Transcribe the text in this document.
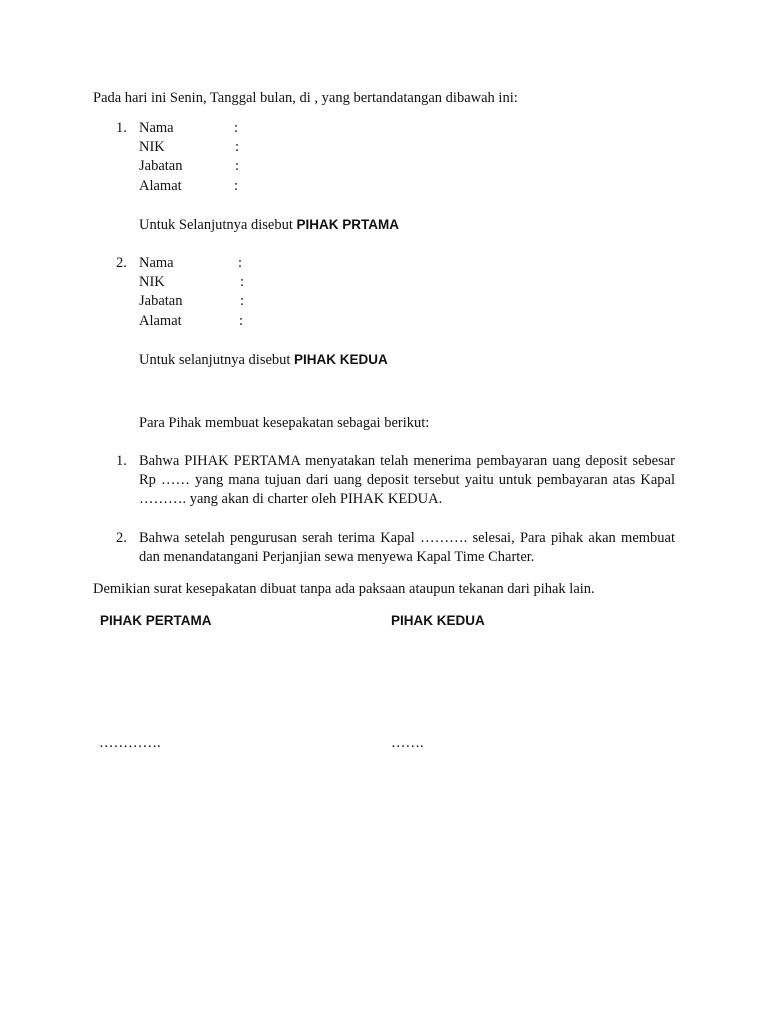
Pada hari ini Senin, Tanggal bulan, di , yang bertandatangan dibawah ini:
1. Nama	:
NIK	:
Jabatan	:
Alamat	:
Untuk Selanjutnya disebut PIHAK PRTAMA
2. Nama	:
NIK	:
Jabatan	:
Alamat	:
Untuk selanjutnya disebut PIHAK KEDUA
Para Pihak membuat kesepakatan sebagai berikut:
1. Bahwa PIHAK PERTAMA menyatakan telah menerima pembayaran uang deposit sebesar Rp …… yang mana tujuan dari uang deposit tersebut yaitu untuk pembayaran atas Kapal ………. yang akan di charter oleh PIHAK KEDUA.
2. Bahwa setelah pengurusan serah terima Kapal ………. selesai, Para pihak akan membuat dan menandatangani Perjanjian sewa menyewa Kapal Time Charter.
Demikian surat kesepakatan dibuat tanpa ada paksaan ataupun tekanan dari pihak lain.
PIHAK PERTAMA	PIHAK KEDUA
………….	…….
